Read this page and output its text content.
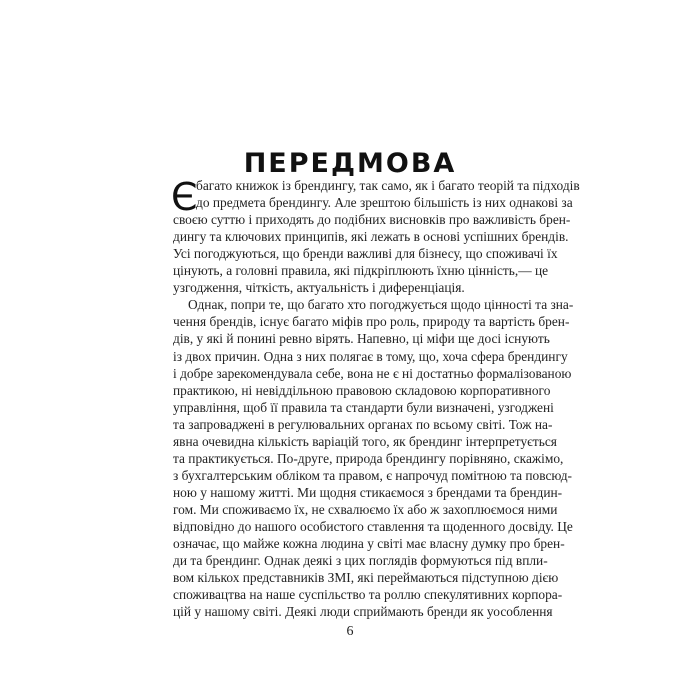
ПЕРЕДМОВА
Є
багато книжок із брендингу, так само, як і багато теорій та підходів
до предмета брендингу. Але зрештою більшість із них однакові за
своєю суттю і приходять до подібних висновків про важливість брен-
дингу та ключових принципів, які лежать в основі успішних брендів.
Усі погоджуються, що бренди важливі для бізнесу, що споживачі їх
цінують, а головні правила, які підкріплюють їхню цінність,— це
узгодження, чіткість, актуальність і диференціація.
Однак, попри те, що багато хто погоджується щодо цінності та зна-
чення брендів, існує багато міфів про роль, природу та вартість брен-
дів, у які й понині ревно вірять. Напевно, ці міфи ще досі існують
із двох причин. Одна з них полягає в тому, що, хоча сфера брендингу
і добре зарекомендувала себе, вона не є ні достатньо формалізованою
практикою, ні невіддільною правовою складовою корпоративного
управління, щоб її правила та стандарти були визначені, узгоджені
та запроваджені в регулювальних органах по всьому світі. Тож на-
явна очевидна кількість варіацій того, як брендинг інтерпретується
та практикується. По-друге, природа брендингу порівняно, скажімо,
з бухгалтерським обліком та правом, є напрочуд помітною та повсюд-
ною у нашому житті. Ми щодня стикаємося з брендами та брендин-
гом. Ми споживаємо їх, не схвалюємо їх або ж захоплюємося ними
відповідно до нашого особистого ставлення та щоденного досвіду. Це
означає, що майже кожна людина у світі має власну думку про брен-
ди та брендинг. Однак деякі з цих поглядів формуються під впли-
вом кількох представників ЗМІ, які переймаються підступною дією
споживацтва на наше суспільство та роллю спекулятивних корпора-
цій у нашому світі. Деякі люди сприймають бренди як уособлення
6
